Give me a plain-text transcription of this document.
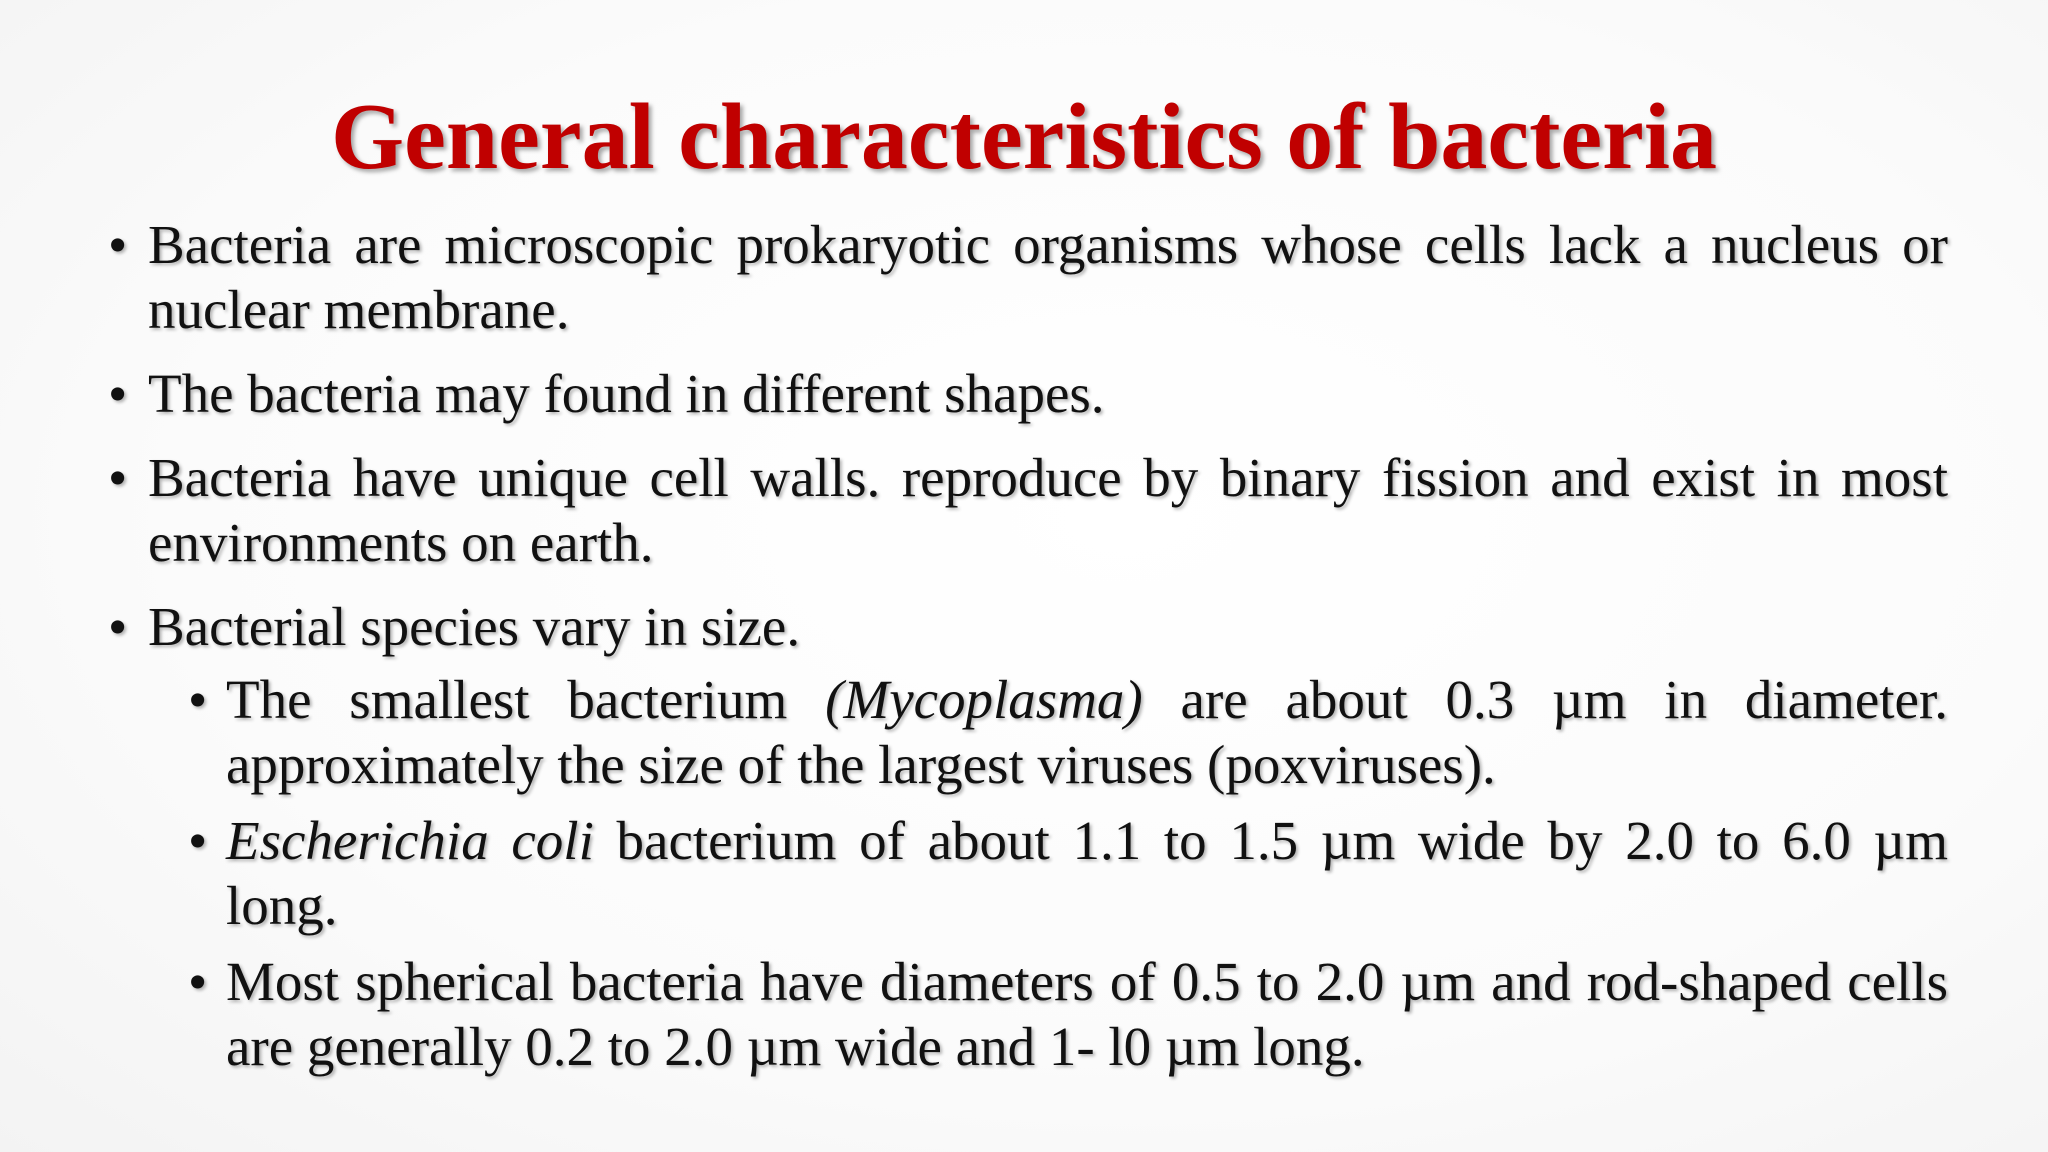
General characteristics of bacteria
• Bacteria are microscopic prokaryotic organisms whose cells lack a nucleus or nuclear membrane.
• The bacteria may found in different shapes.
• Bacteria have unique cell walls. reproduce by binary fission and exist in most environments on earth.
• Bacterial species vary in size.
• The smallest bacterium (Mycoplasma) are about 0.3 µm in diameter. approximately the size of the largest viruses (poxviruses).
• Escherichia coli bacterium of about 1.1 to 1.5 µm wide by 2.0 to 6.0 µm long.
• Most spherical bacteria have diameters of 0.5 to 2.0 µm and rod-shaped cells are generally 0.2 to 2.0 µm wide and 1- l0 µm long.
